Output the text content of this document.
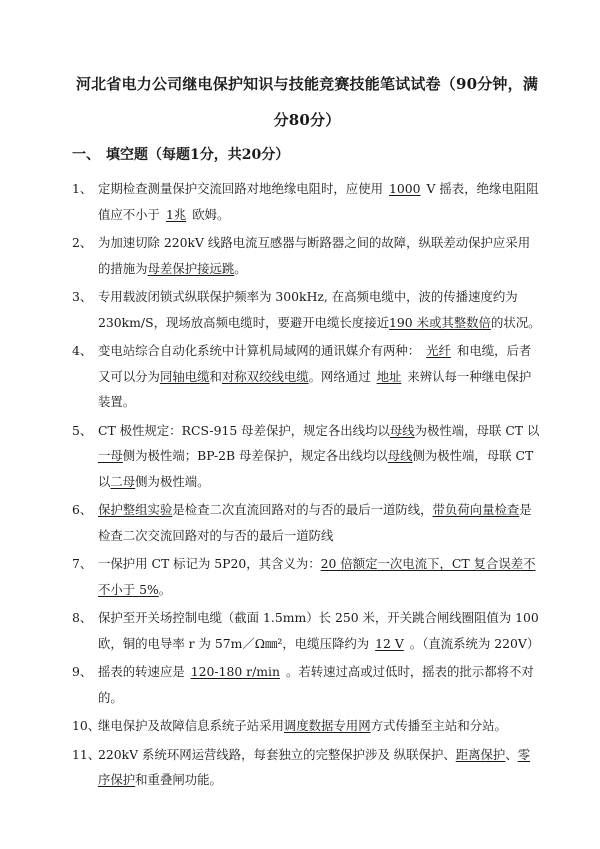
河北省电力公司继电保护知识与技能竞赛技能笔试试卷（90分钟，满分80分）
一、 填空题（每题1分，共20分）
1、 定期检查测量保护交流回路对地绝缘电阻时，应使用 1000 V 摇表，绝缘电阻阻值应不小于 1兆 欧姆。
2、 为加速切除 220kV 线路电流互感器与断路器之间的故障，纵联差动保护应采用的措施为母差保护接远跳。
3、 专用载波闭锁式纵联保护频率为 300kHz, 在高频电缆中，波的传播速度约为 230km/S，现场放高频电缆时，要避开电缆长度接近190 米或其整数倍的状况。
4、 变电站综合自动化系统中计算机局域网的通讯媒介有两种： 光纤 和电缆，后者又可以分为同轴电缆和对称双绞线电缆。网络通过 地址 来辨认每一种继电保护装置。
5、 CT 极性规定：RCS-915 母差保护，规定各出线均以母线为极性端，母联 CT 以一母侧为极性端；BP-2B 母差保护，规定各出线均以母线侧为极性端，母联 CT 以二母侧为极性端。
6、 保护整组实验是检查二次直流回路对的与否的最后一道防线，带负荷向量检查是检查二次交流回路对的与否的最后一道防线
7、 一保护用 CT 标记为 5P20，其含义为：20 倍额定一次电流下，CT 复合误差不不小于 5%。
8、 保护至开关场控制电缆（截面 1.5mm）长 250 米，开关跳合闸线圈阻值为 100 欧，铜的电导率 r 为 57m／Ω㎜²，电缆压降约为 12 V 。（直流系统为 220V）
9、 摇表的转速应是 120-180 r/min 。若转速过高或过低时，摇表的批示都将不对的。
10、
继电保护及故障信息系统子站采用调度数据专用网方式传播至主站和分站。
11、
220kV 系统环网运营线路，每套独立的完整保护涉及 纵联保护、距离保护、零序保护和重叠闸功能。
